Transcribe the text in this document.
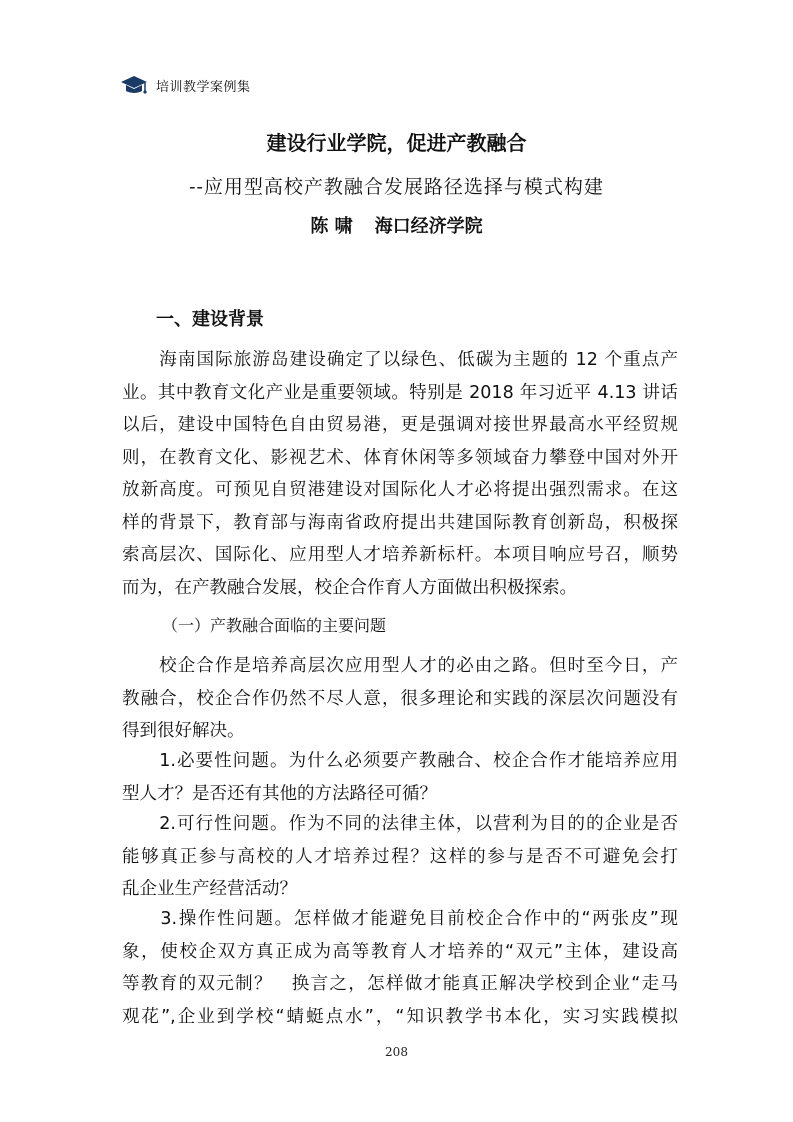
培训教学案例集
建设行业学院，促进产教融合
--应用型高校产教融合发展路径选择与模式构建
陈 啸 海口经济学院
一、建设背景
　　海南国际旅游岛建设确定了以绿色、低碳为主题的 12 个重点产
业。其中教育文化产业是重要领域。特别是 2018 年习近平 4.13 讲话
以后，建设中国特色自由贸易港，更是强调对接世界最高水平经贸规
则，在教育文化、影视艺术、体育休闲等多领域奋力攀登中国对外开
放新高度。可预见自贸港建设对国际化人才必将提出强烈需求。在这
样的背景下，教育部与海南省政府提出共建国际教育创新岛，积极探
索高层次、国际化、应用型人才培养新标杆。本项目响应号召，顺势
而为，在产教融合发展，校企合作育人方面做出积极探索。
（一）产教融合面临的主要问题
　　校企合作是培养高层次应用型人才的必由之路。但时至今日，产
教融合，校企合作仍然不尽人意，很多理论和实践的深层次问题没有
得到很好解决。
　　1.必要性问题。为什么必须要产教融合、校企合作才能培养应用
型人才？是否还有其他的方法路径可循？
　　2.可行性问题。作为不同的法律主体，以营利为目的的企业是否
能够真正参与高校的人才培养过程？这样的参与是否不可避免会打
乱企业生产经营活动？
　　3.操作性问题。怎样做才能避免目前校企合作中的“两张皮”现
象，使校企双方真正成为高等教育人才培养的“双元”主体，建设高
等教育的双元制？　换言之，怎样做才能真正解决学校到企业“走马
观花”,企业到学校“蜻蜓点水”，“知识教学书本化，实习实践模拟
208
